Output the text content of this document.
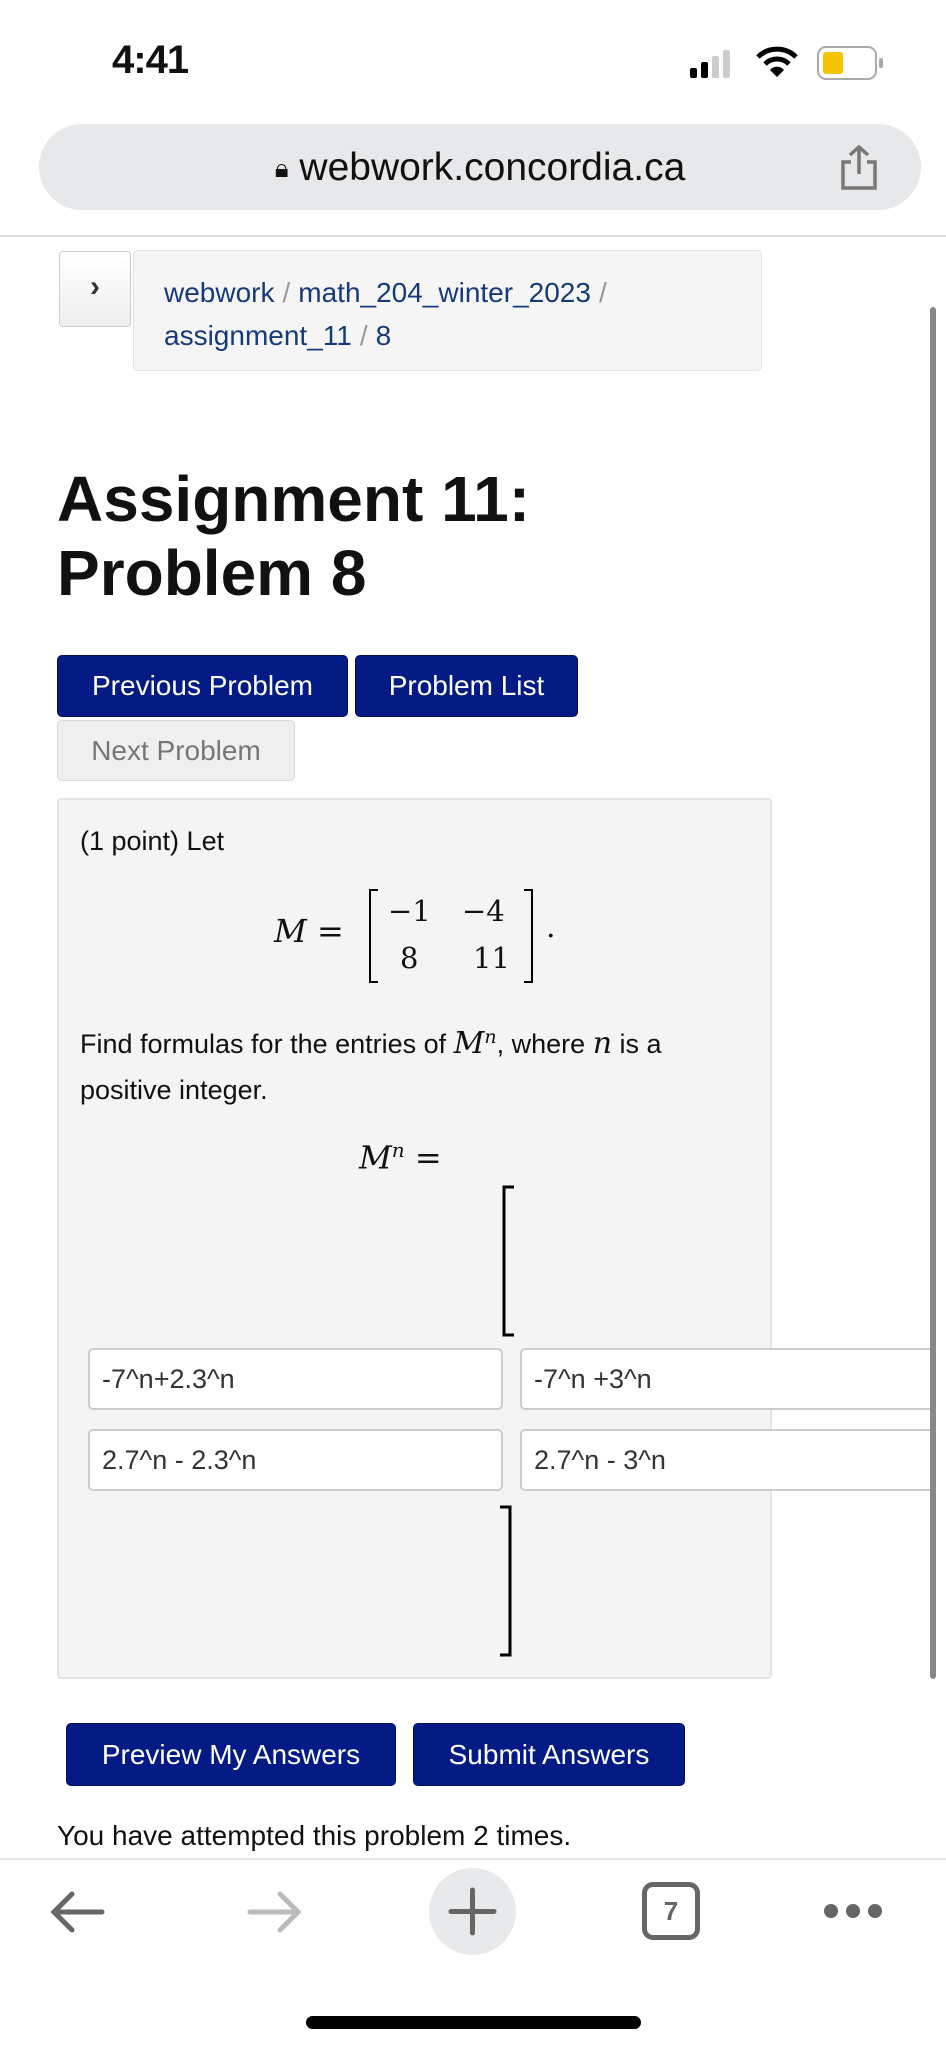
4:41
🔒︎ webwork.concordia.ca
›	webwork / math_204_winter_2023 /
assignment_11 / 8
Assignment 11:
Problem 8
Previous Problem	Problem List
Next Problem
(1 point) Let
M =
−1 −4
8 11
.
Find formulas for the entries of $M^n$, where n is a positive integer.
$M^n$ =
-7^n+2.3^n	-7^n +3^n
2.7^n - 2.3^n	2.7^n - 3^n
Preview My Answers	Submit Answers
You have attempted this problem 2 times.
7
